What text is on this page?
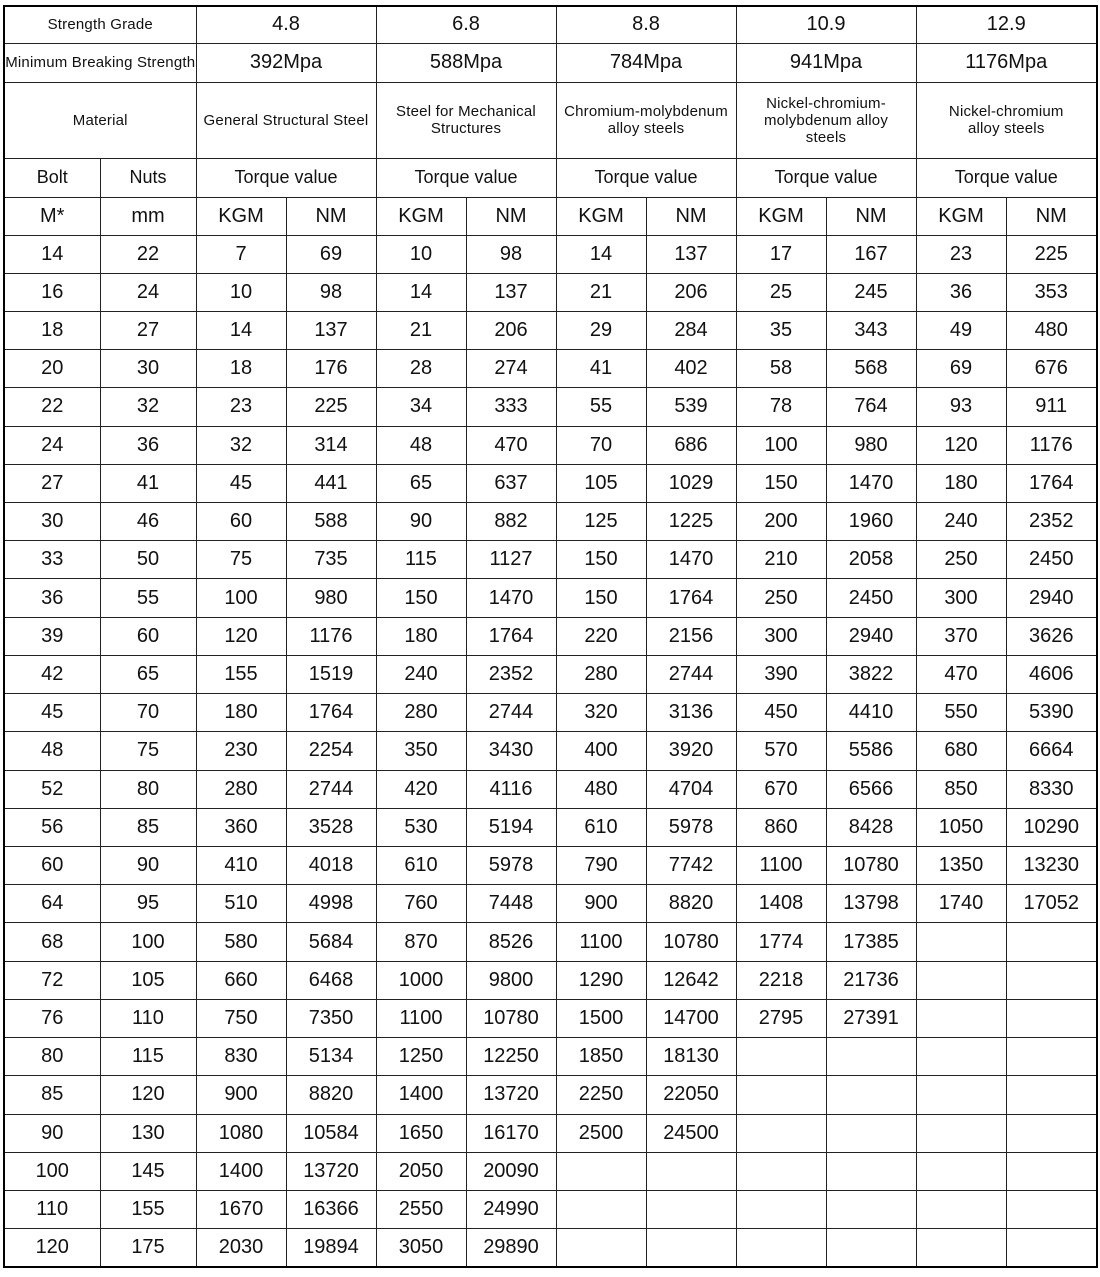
Strength Grade		4.8		6.8		8.8		10.9		12.9	
Minimum Breaking Strength		392Mpa		588Mpa		784Mpa		941Mpa		1176Mpa	
Material		General Structural Steel		Steel for Mechanical Structures		Chromium-molybdenum alloy steels		Nickel-chromium-molybdenum alloy steels		Nickel-chromium alloy steels	
Bolt	Nuts	Torque value		Torque value		Torque value		Torque value		Torque value	
M*	mm	KGM	NM	KGM	NM	KGM	NM	KGM	NM	KGM	NM
14	22	7	69	10	98	14	137	17	167	23	225
16	24	10	98	14	137	21	206	25	245	36	353
18	27	14	137	21	206	29	284	35	343	49	480
20	30	18	176	28	274	41	402	58	568	69	676
22	32	23	225	34	333	55	539	78	764	93	911
24	36	32	314	48	470	70	686	100	980	120	1176
27	41	45	441	65	637	105	1029	150	1470	180	1764
30	46	60	588	90	882	125	1225	200	1960	240	2352
33	50	75	735	115	1127	150	1470	210	2058	250	2450
36	55	100	980	150	1470	150	1764	250	2450	300	2940
39	60	120	1176	180	1764	220	2156	300	2940	370	3626
42	65	155	1519	240	2352	280	2744	390	3822	470	4606
45	70	180	1764	280	2744	320	3136	450	4410	550	5390
48	75	230	2254	350	3430	400	3920	570	5586	680	6664
52	80	280	2744	420	4116	480	4704	670	6566	850	8330
56	85	360	3528	530	5194	610	5978	860	8428	1050	10290
60	90	410	4018	610	5978	790	7742	1100	10780	1350	13230
64	95	510	4998	760	7448	900	8820	1408	13798	1740	17052
68	100	580	5684	870	8526	1100	10780	1774	17385		
72	105	660	6468	1000	9800	1290	12642	2218	21736		
76	110	750	7350	1100	10780	1500	14700	2795	27391		
80	115	830	5134	1250	12250	1850	18130				
85	120	900	8820	1400	13720	2250	22050				
90	130	1080	10584	1650	16170	2500	24500				
100	145	1400	13720	2050	20090						
110	155	1670	16366	2550	24990						
120	175	2030	19894	3050	29890						
